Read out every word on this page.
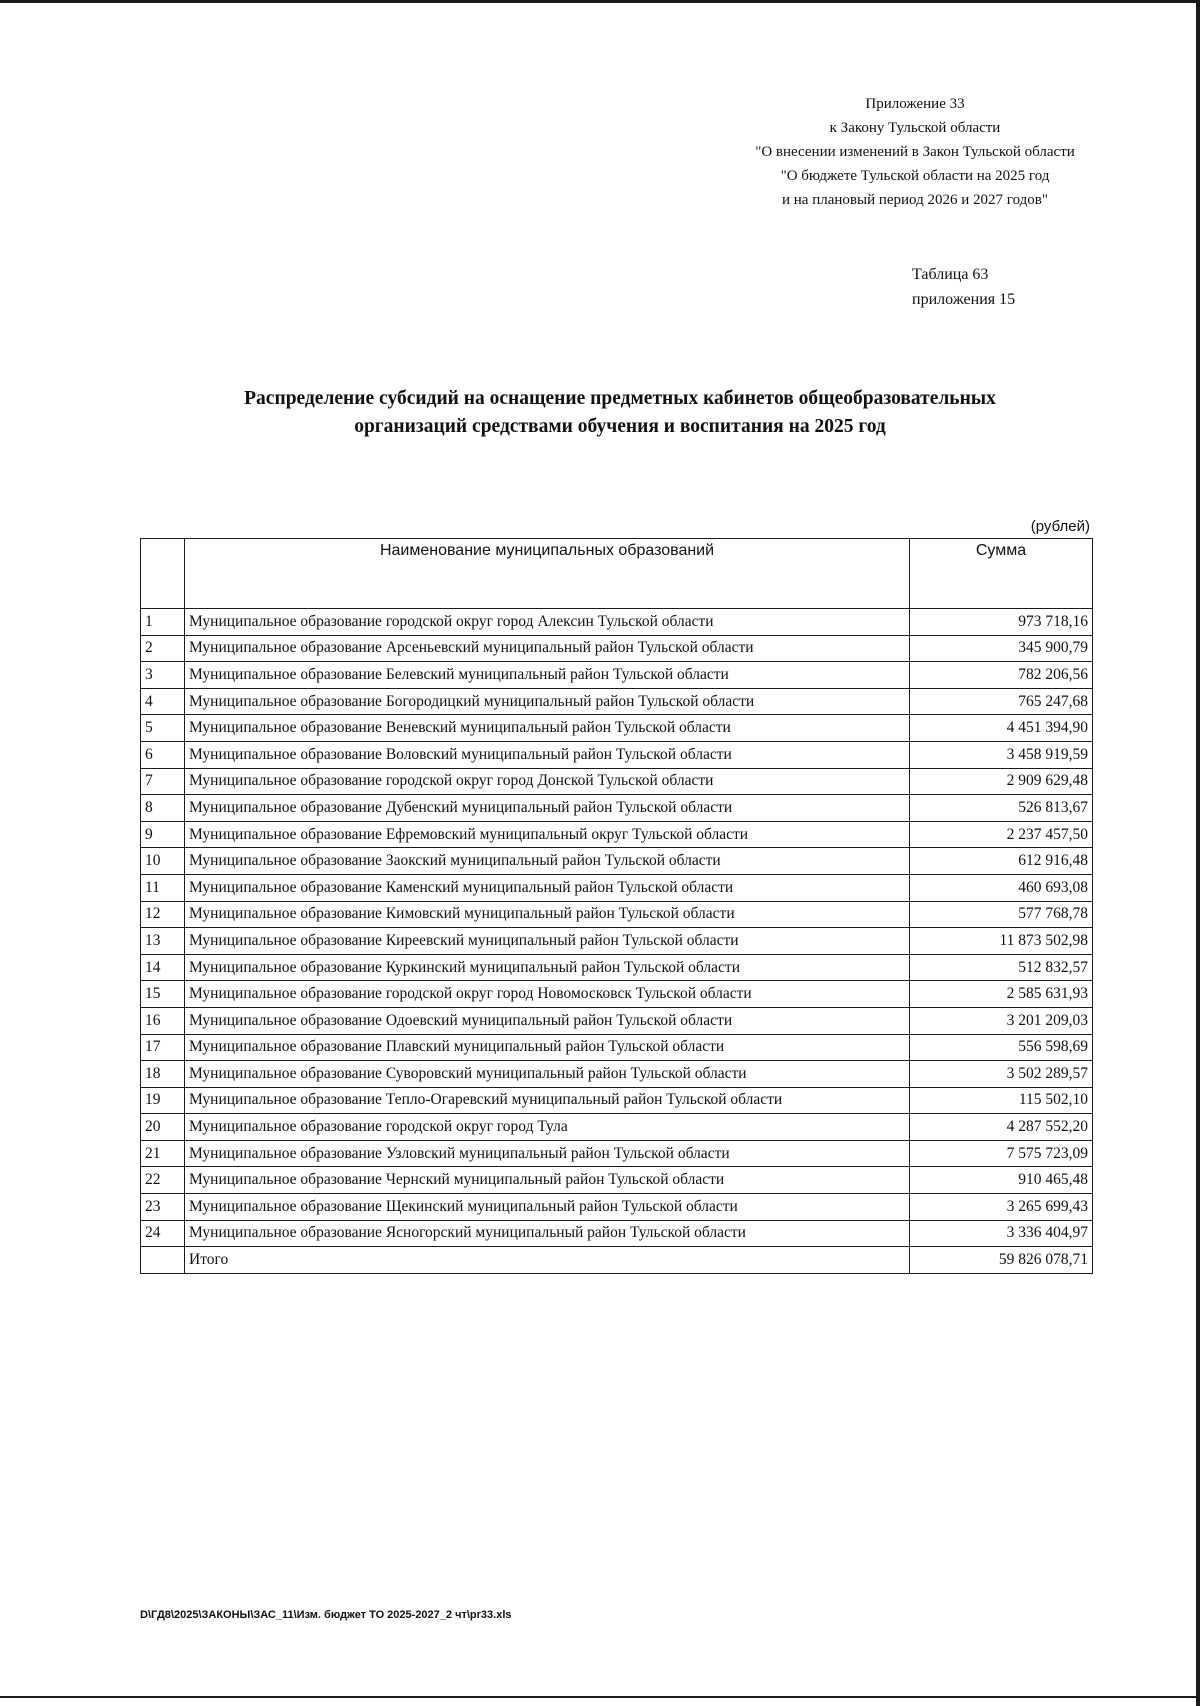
Приложение 33
к Закону Тульской области
"О внесении изменений в Закон Тульской области
"О бюджете Тульской области на 2025 год
и на плановый период 2026 и 2027 годов"
Таблица 63
приложения 15
Распределение субсидий на оснащение предметных кабинетов общеобразовательных
организаций средствами обучения и воспитания на 2025 год
(рублей)
	Наименование муниципальных образований	Сумма
1	Муниципальное образование городской округ город Алексин Тульской области	973 718,16
2	Муниципальное образование Арсеньевский муниципальный район Тульской области	345 900,79
3	Муниципальное образование Белевский муниципальный район Тульской области	782 206,56
4	Муниципальное образование Богородицкий муниципальный район Тульской области	765 247,68
5	Муниципальное образование Веневский муниципальный район Тульской области	4 451 394,90
6	Муниципальное образование Воловский муниципальный район Тульской области	3 458 919,59
7	Муниципальное образование городской округ город Донской Тульской области	2 909 629,48
8	Муниципальное образование Дубенский муниципальный район Тульской области	526 813,67
9	Муниципальное образование Ефремовский муниципальный округ Тульской области	2 237 457,50
10	Муниципальное образование Заокский муниципальный район Тульской области	612 916,48
11	Муниципальное образование Каменский муниципальный район Тульской области	460 693,08
12	Муниципальное образование Кимовский муниципальный район Тульской области	577 768,78
13	Муниципальное образование Киреевский муниципальный район Тульской области	11 873 502,98
14	Муниципальное образование Куркинский муниципальный район Тульской области	512 832,57
15	Муниципальное образование городской округ город Новомосковск Тульской области	2 585 631,93
16	Муниципальное образование Одоевский муниципальный район Тульской области	3 201 209,03
17	Муниципальное образование Плавский муниципальный район Тульской области	556 598,69
18	Муниципальное образование Суворовский муниципальный район Тульской области	3 502 289,57
19	Муниципальное образование Тепло-Огаревский муниципальный район Тульской области	115 502,10
20	Муниципальное образование городской округ город Тула	4 287 552,20
21	Муниципальное образование Узловский муниципальный район Тульской области	7 575 723,09
22	Муниципальное образование Чернский муниципальный район Тульской области	910 465,48
23	Муниципальное образование Щекинский муниципальный район Тульской области	3 265 699,43
24	Муниципальное образование Ясногорский муниципальный район Тульской области	3 336 404,97
	Итого	59 826 078,71
D\ГД8\2025\ЗАКОНЫ\ЗАС_11\Изм. бюджет ТО 2025-2027_2 чт\pr33.xls
